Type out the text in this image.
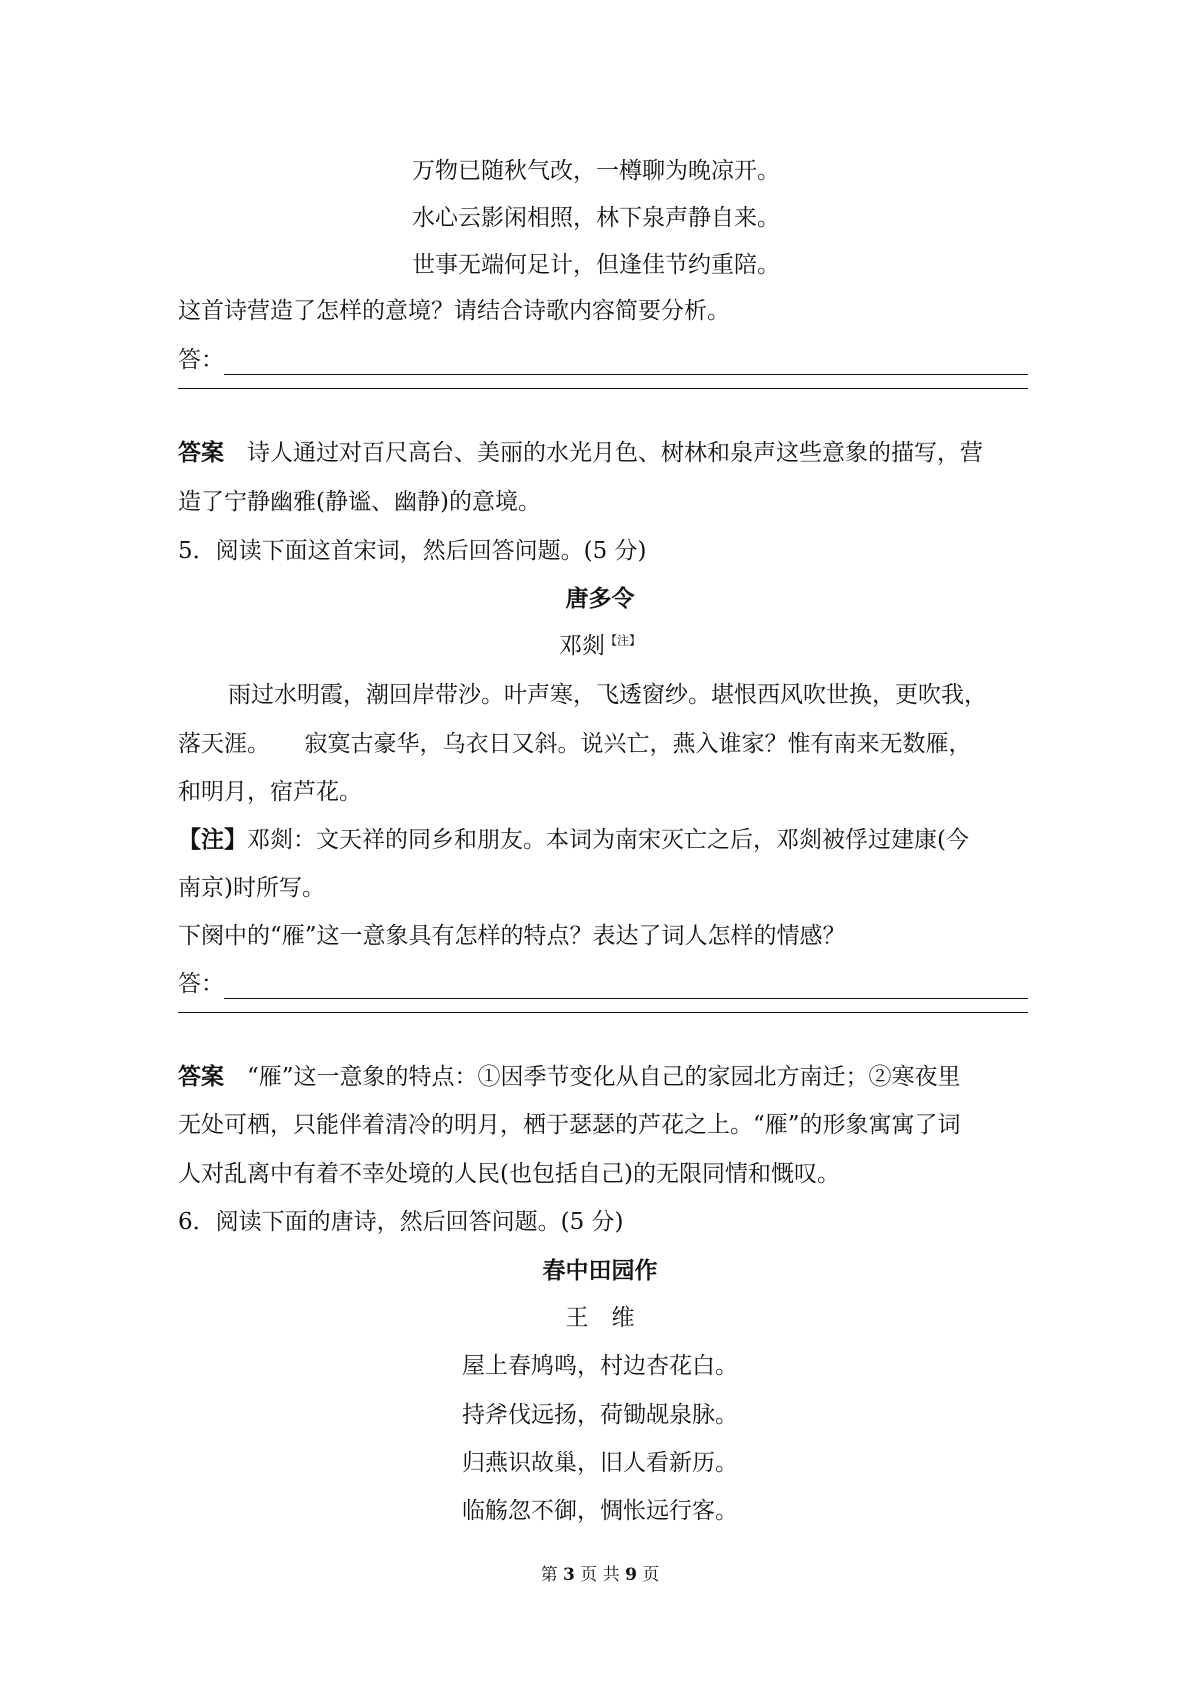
万物已随秋气改，一樽聊为晚凉开。
水心云影闲相照，林下泉声静自来。
世事无端何足计，但逢佳节约重陪。
这首诗营造了怎样的意境？请结合诗歌内容简要分析。
答：
答案　 诗人通过对百尺高台、美丽的水光月色、树林和泉声这些意象的描写，营
造了宁静幽雅(静谧、幽静)的意境。
5．阅读下面这首宋词，然后回答问题。(5 分)
唐多令
邓剡$^{【注】}$
雨过水明霞，潮回岸带沙。叶声寒，飞透窗纱。堪恨西风吹世换，更吹我，
落天涯。　　寂寞古豪华，乌衣日又斜。说兴亡，燕入谁家？惟有南来无数雁，
和明月，宿芦花。
【注】邓剡：文天祥的同乡和朋友。本词为南宋灭亡之后，邓剡被俘过建康(今
南京)时所写。
下阕中的“雁”这一意象具有怎样的特点？表达了词人怎样的情感？
答：
答案　 “雁”这一意象的特点：①因季节变化从自己的家园北方南迁；②寒夜里
无处可栖，只能伴着清冷的明月，栖于瑟瑟的芦花之上。“雁”的形象寓寓了词
人对乱离中有着不幸处境的人民(也包括自己)的无限同情和慨叹。
6．阅读下面的唐诗，然后回答问题。(5 分)
春中田园作
王　维
屋上春鸠鸣，村边杏花白。
持斧伐远扬，荷锄觇泉脉。
归燕识故巢，旧人看新历。
临觞忽不御，惆怅远行客。
第 3 页 共 9 页
